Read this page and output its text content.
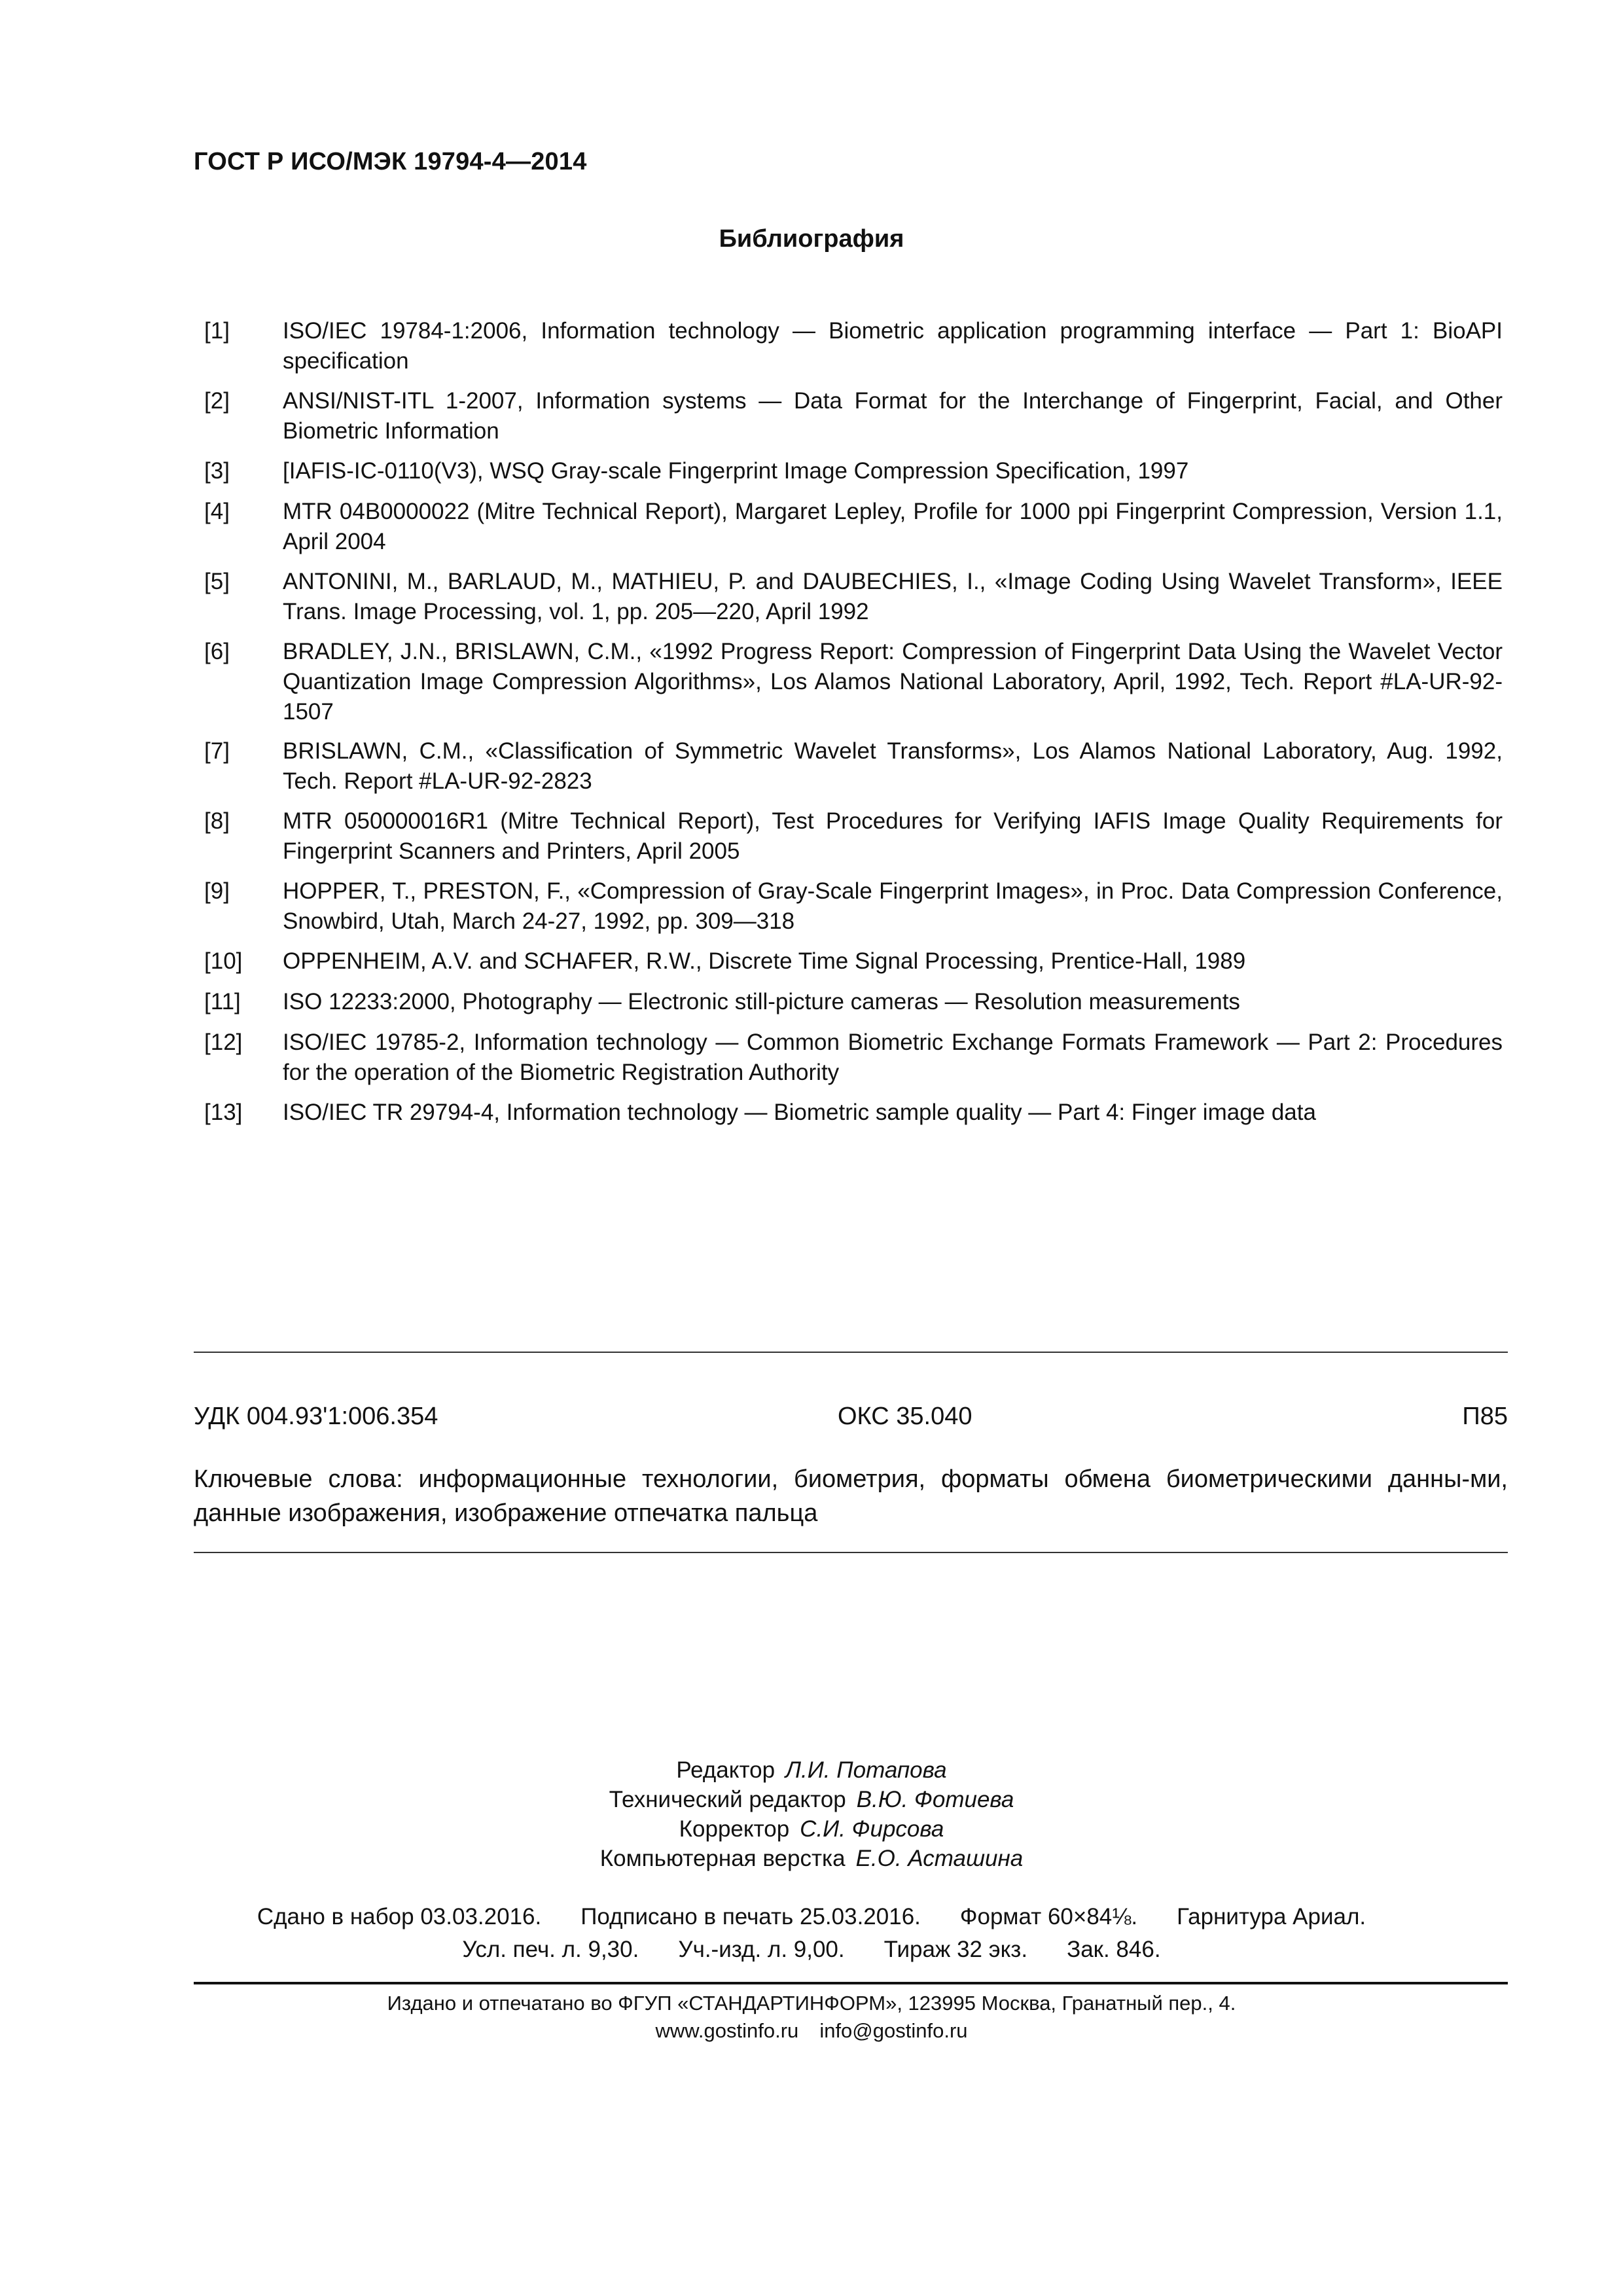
ГОСТ Р ИСО/МЭК 19794-4—2014
Библиография
[1]	ISO/IEC 19784-1:2006, Information technology — Biometric application programming interface — Part 1: BioAPI specification
[2]	ANSI/NIST-ITL 1-2007, Information systems — Data Format for the Interchange of Fingerprint, Facial, and Other Biometric Information
[3]	[IAFIS-IC-0110(V3), WSQ Gray-scale Fingerprint Image Compression Specification, 1997
[4]	MTR 04B0000022 (Mitre Technical Report), Margaret Lepley, Profile for 1000 ppi Fingerprint Compression, Version 1.1, April 2004
[5]	ANTONINI, M., BARLAUD, M., MATHIEU, P. and DAUBECHIES, I., «Image Coding Using Wavelet Transform», IEEE Trans. Image Processing, vol. 1, pp. 205—220, April 1992
[6]	BRADLEY, J.N., BRISLAWN, C.M., «1992 Progress Report: Compression of Fingerprint Data Using the Wavelet Vector Quantization Image Compression Algorithms», Los Alamos National Laboratory, April, 1992, Tech. Report #LA-UR-92-1507
[7]	BRISLAWN, C.M., «Classification of Symmetric Wavelet Transforms», Los Alamos National Laboratory, Aug. 1992, Tech. Report #LA-UR-92-2823
[8]	MTR 050000016R1 (Mitre Technical Report), Test Procedures for Verifying IAFIS Image Quality Requirements for Fingerprint Scanners and Printers, April 2005
[9]	HOPPER, T., PRESTON, F., «Compression of Gray-Scale Fingerprint Images», in Proc. Data Compression Conference, Snowbird, Utah, March 24-27, 1992, pp. 309—318
[10]	OPPENHEIM, A.V. and SCHAFER, R.W., Discrete Time Signal Processing, Prentice-Hall, 1989
[11]	ISO 12233:2000, Photography — Electronic still-picture cameras — Resolution measurements
[12]	ISO/IEC 19785-2, Information technology — Common Biometric Exchange Formats Framework — Part 2: Procedures for the operation of the Biometric Registration Authority
[13]	ISO/IEC TR 29794-4, Information technology — Biometric sample quality — Part 4: Finger image data
УДК 004.93'1:006.354	ОКС 35.040	П85
Ключевые слова: информационные технологии, биометрия, форматы обмена биометрическими данны-ми, данные изображения, изображение отпечатка пальца
Редактор Л.И. Потапова
Технический редактор В.Ю. Фотиева
Корректор С.И. Фирсова
Компьютерная верстка Е.О. Асташина
Сдано в набор 03.03.2016. Подписано в печать 25.03.2016. Формат 60×84⅛. Гарнитура Ариал.
Усл. печ. л. 9,30. Уч.-изд. л. 9,00. Тираж 32 экз. Зак. 846.
Издано и отпечатано во ФГУП «СТАНДАРТИНФОРМ», 123995 Москва, Гранатный пер., 4.
www.gostinfo.ru info@gostinfo.ru
